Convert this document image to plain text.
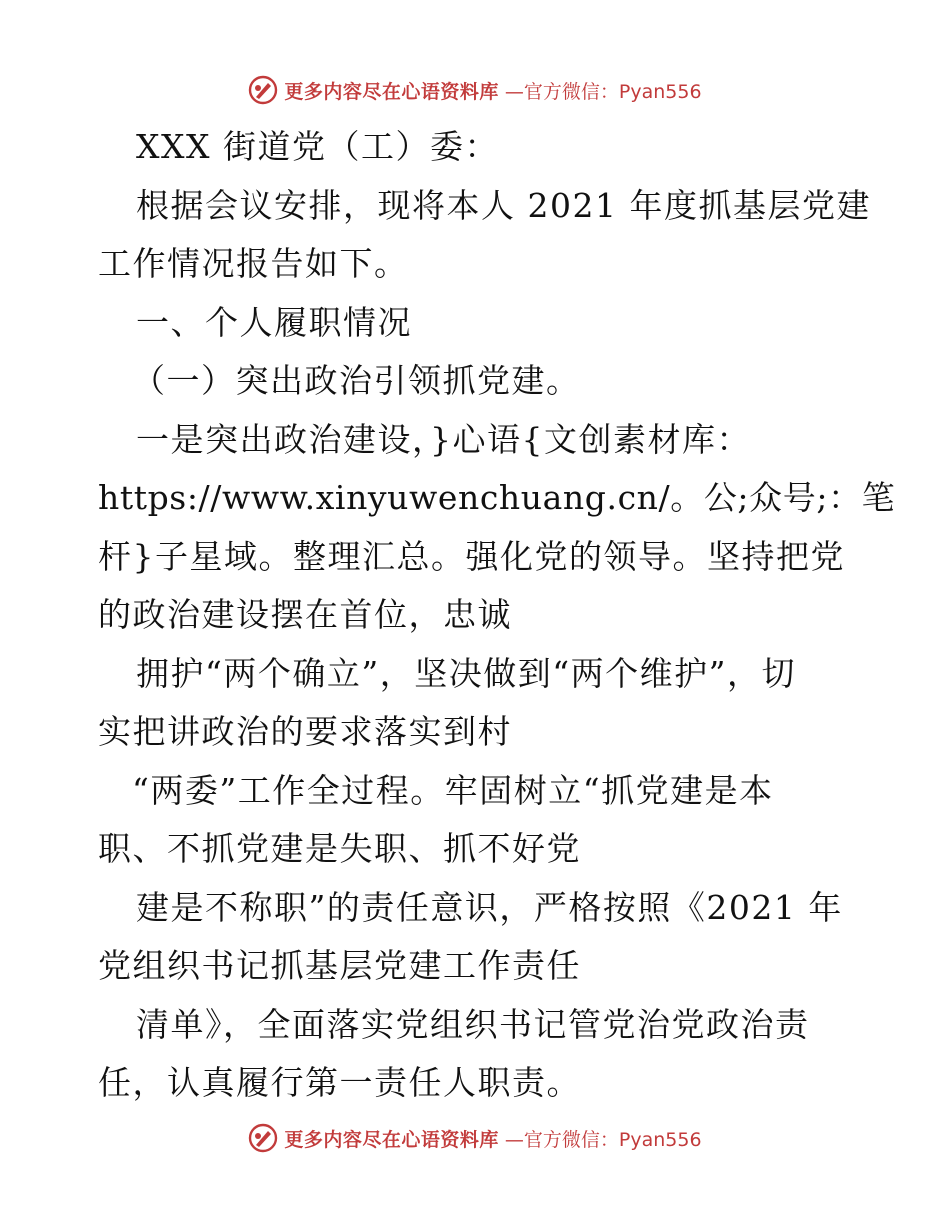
更多内容尽在心语资料库 —官方微信：Pyan556
XXX 街道党（工）委：
根据会议安排，现将本人 2021 年度抓基层党建
工作情况报告如下。
一、个人履职情况
（一）突出政治引领抓党建。
一是突出政治建设，}心语{文创素材库：
https://www.xinyuwenchuang.cn/。公;众号;：笔
杆}子星域。整理汇总。强化党的领导。坚持把党
的政治建设摆在首位，忠诚
拥护“两个确立”，坚决做到“两个维护”，切
实把讲政治的要求落实到村
“两委”工作全过程。牢固树立“抓党建是本
职、不抓党建是失职、抓不好党
建是不称职”的责任意识，严格按照《2021 年
党组织书记抓基层党建工作责任
清单》，全面落实党组织书记管党治党政治责
任，认真履行第一责任人职责。
更多内容尽在心语资料库 —官方微信：Pyan556
